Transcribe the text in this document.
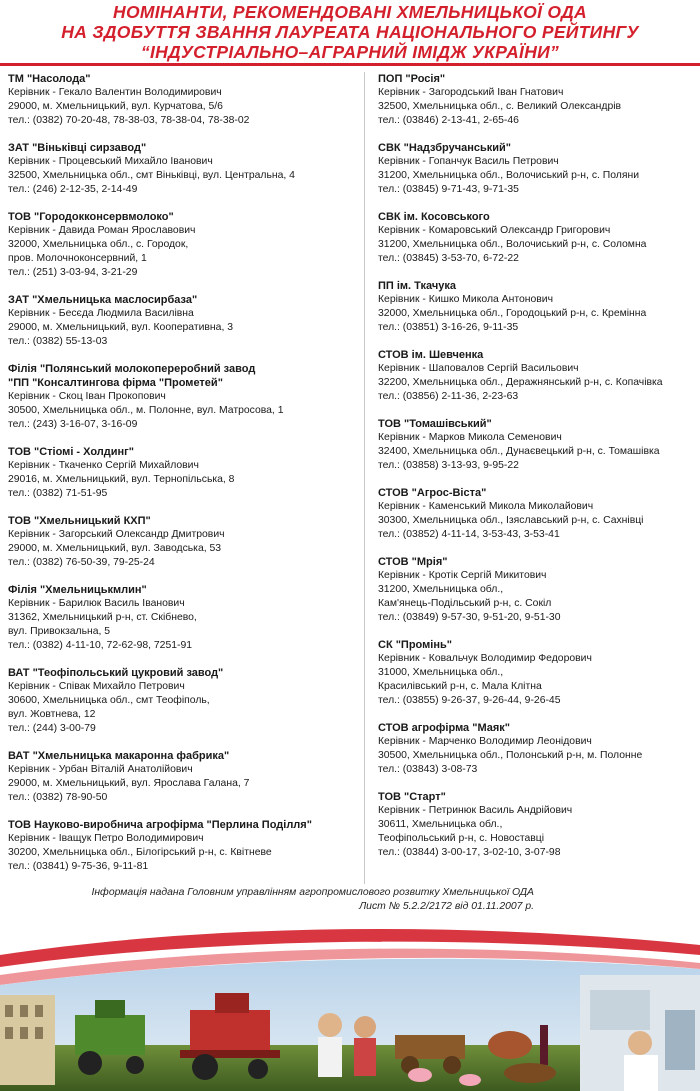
НОМІНАНТИ, РЕКОМЕНДОВАНІ ХМЕЛЬНИЦЬКОЇ ОДА
НА ЗДОБУТТЯ ЗВАННЯ ЛАУРЕАТА НАЦІОНАЛЬНОГО РЕЙТИНГУ
“ІНДУСТРІАЛЬНО–АГРАРНИЙ ІМІДЖ УКРАЇНИ”
ТМ "Насолода"
Керівник - Гекало Валентин Володимирович
29000, м. Хмельницький, вул. Курчатова, 5/6
тел.: (0382) 70-20-48, 78-38-03, 78-38-04, 78-38-02
ЗАТ "Віньківці сирзавод"
Керівник - Процевський Михайло Іванович
32500, Хмельницька обл., смт Віньківці, вул. Центральна, 4
тел.: (246) 2-12-35, 2-14-49
ТОВ "Городокконсервмолоко"
Керівник - Давида Роман Ярославович
32000, Хмельницька обл., с. Городок,
пров. Молочноконсервний, 1
тел.: (251) 3-03-94, 3-21-29
ЗАТ "Хмельницька маслосирбаза"
Керівник - Бесєда Людмила Василівна
29000, м. Хмельницький, вул. Кооперативна, 3
тел.: (0382) 55-13-03
Філія "Полянський молокопереробний завод
"ПП "Консалтингова фірма "Прометей"
Керівник - Скоц Іван Прокопович
30500, Хмельницька обл., м. Полонне, вул. Матросова, 1
тел.: (243) 3-16-07, 3-16-09
ТОВ "Стіомі - Холдинг"
Керівник - Ткаченко Сергій Михайлович
29016, м. Хмельницький, вул. Тернопільська, 8
тел.: (0382) 71-51-95
ТОВ "Хмельницький КХП"
Керівник - Загорський Олександр Дмитрович
29000, м. Хмельницький, вул. Заводська, 53
тел.: (0382) 76-50-39, 79-25-24
Філія "Хмельницькмлин"
Керівник - Барилюк Василь Іванович
31362, Хмельницький р-н, ст. Скібнево,
вул. Привокзальна, 5
тел.: (0382) 4-11-10, 72-62-98, 7251-91
ВАТ "Теофіпольський цукровий завод"
Керівник - Співак Михайло Петрович
30600, Хмельницька обл., смт Теофіполь,
вул. Жовтнева, 12
тел.: (244) 3-00-79
ВАТ "Хмельницька макаронна фабрика"
Керівник - Урбан Віталій Анатолійович
29000, м. Хмельницький, вул. Ярослава Галана, 7
тел.: (0382) 78-90-50
ТОВ Науково-виробнича агрофірма "Перлина Поділля"
Керівник - Іващук Петро Володимирович
30200, Хмельницька обл., Білогірський р-н, с. Квітневе
тел.: (03841) 9-75-36, 9-11-81
ПОП "Росія"
Керівник - Загородський Іван Гнатович
32500, Хмельницька обл., с. Великий Олександрів
тел.: (03846) 2-13-41, 2-65-46
СВК "Надзбручанський"
Керівник - Гопанчук Василь Петрович
31200, Хмельницька обл., Волочиський р-н, с. Поляни
тел.: (03845) 9-71-43, 9-71-35
СВК ім. Косовського
Керівник - Комаровський Олександр Григорович
31200, Хмельницька обл., Волочиський р-н, с. Соломна
тел.: (03845) 3-53-70, 6-72-22
ПП ім. Ткачука
Керівник - Кишко Микола Антонович
32000, Хмельницька обл., Городоцький р-н, с. Кремінна
тел.: (03851) 3-16-26, 9-11-35
СТОВ ім. Шевченка
Керівник - Шаповалов Сергій Васильович
32200, Хмельницька обл., Деражнянський р-н, с. Копачівка
тел.: (03856) 2-11-36, 2-23-63
ТОВ "Томашівський"
Керівник - Марков Микола Семенович
32400, Хмельницька обл., Дунаєвецький р-н, с. Томашівка
тел.: (03858) 3-13-93, 9-95-22
СТОВ "Агрос-Віста"
Керівник - Каменський Микола Миколайович
30300, Хмельницька обл., Ізяславський р-н, с. Сахнівці
тел.: (03852) 4-11-14, 3-53-43, 3-53-41
СТОВ "Мрія"
Керівник - Кротік Сергій Микитович
31200, Хмельницька обл.,
Кам'янець-Подільський р-н, с. Сокіл
тел.: (03849) 9-57-30, 9-51-20, 9-51-30
СК "Промінь"
Керівник - Ковальчук Володимир Федорович
31000, Хмельницька обл.,
Красилівський р-н, с. Мала Клітна
тел.: (03855) 9-26-37, 9-26-44, 9-26-45
СТОВ агрофірма "Маяк"
Керівник - Марченко Володимир Леонідович
30500, Хмельницька обл., Полонський р-н, м. Полонне
тел.: (03843) 3-08-73
ТОВ "Старт"
Керівник - Петринюк Василь Андрійович
30611, Хмельницька обл.,
Теофіпольський р-н, с. Новоставці
тел.: (03844) 3-00-17, 3-02-10, 3-07-98
Інформація надана Головним управлінням агропромислового розвитку Хмельницької ОДА
Лист № 5.2.2/2172 від 01.11.2007 р.
